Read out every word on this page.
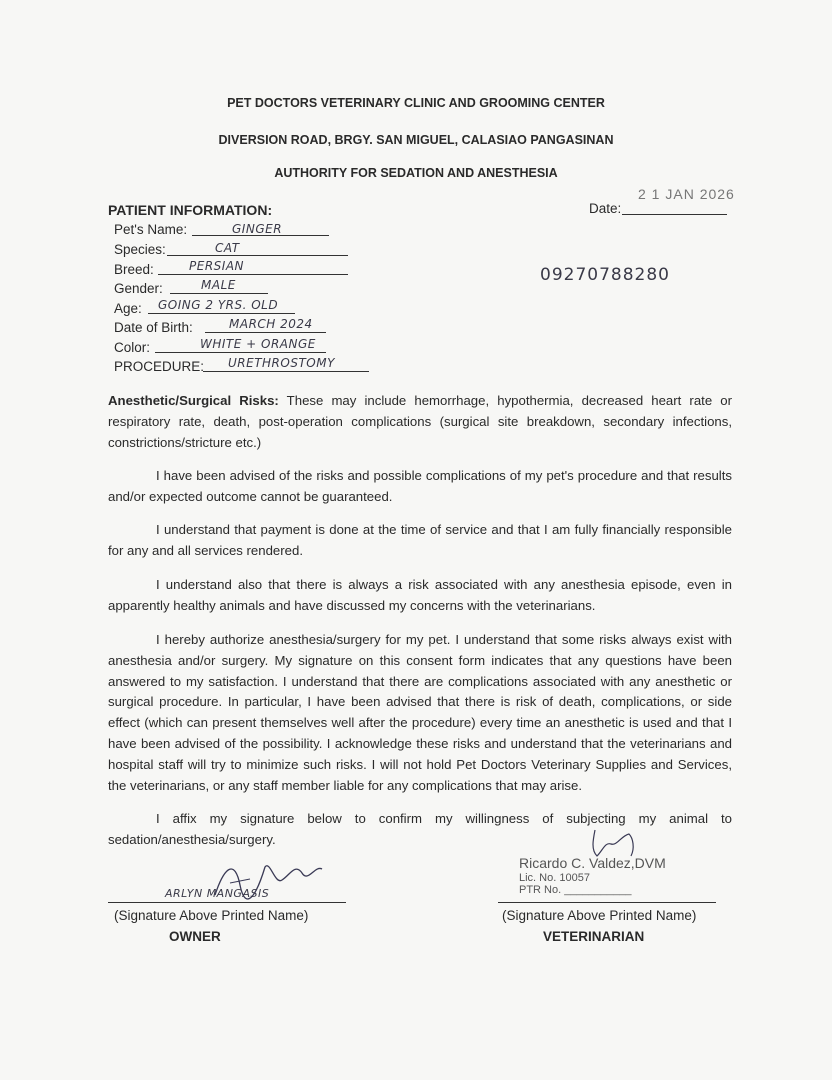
PET DOCTORS VETERINARY CLINIC AND GROOMING CENTER
DIVERSION ROAD, BRGY. SAN MIGUEL, CALASIAO PANGASINAN
AUTHORITY FOR SEDATION AND ANESTHESIA
PATIENT INFORMATION:	Date:
2 1 JAN 2026
Pet's Name:	GINGER
Species:	CAT
Breed:	PERSIAN
Gender:	MALE
Age: GOING 2 YRS. OLD
Date of Birth:	MARCH 2024
Color:	WHITE + ORANGE
PROCEDURE: URETHROSTOMY
09270788280
Anesthetic/Surgical Risks: These may include hemorrhage, hypothermia, decreased heart rate or respiratory rate, death, post-operation complications (surgical site breakdown, secondary infections, constrictions/stricture etc.)
I have been advised of the risks and possible complications of my pet's procedure and that results and/or expected outcome cannot be guaranteed.
I understand that payment is done at the time of service and that I am fully financially responsible for any and all services rendered.
I understand also that there is always a risk associated with any anesthesia episode, even in apparently healthy animals and have discussed my concerns with the veterinarians.
I hereby authorize anesthesia/surgery for my pet. I understand that some risks always exist with anesthesia and/or surgery. My signature on this consent form indicates that any questions have been answered to my satisfaction. I understand that there are complications associated with any anesthetic or surgical procedure. In particular, I have been advised that there is risk of death, complications, or side effect (which can present themselves well after the procedure) every time an anesthetic is used and that I have been advised of the possibility. I acknowledge these risks and understand that the veterinarians and hospital staff will try to minimize such risks. I will not hold Pet Doctors Veterinary Supplies and Services, the veterinarians, or any staff member liable for any complications that may arise.
I affix my signature below to confirm my willingness of subjecting my animal to sedation/anesthesia/surgery.
ARLYN MANGASIS
(Signature Above Printed Name)
OWNER
Ricardo C. Valdez,DVM
Lic. No. 10057
PTR No. ___________
(Signature Above Printed Name)
VETERINARIAN
